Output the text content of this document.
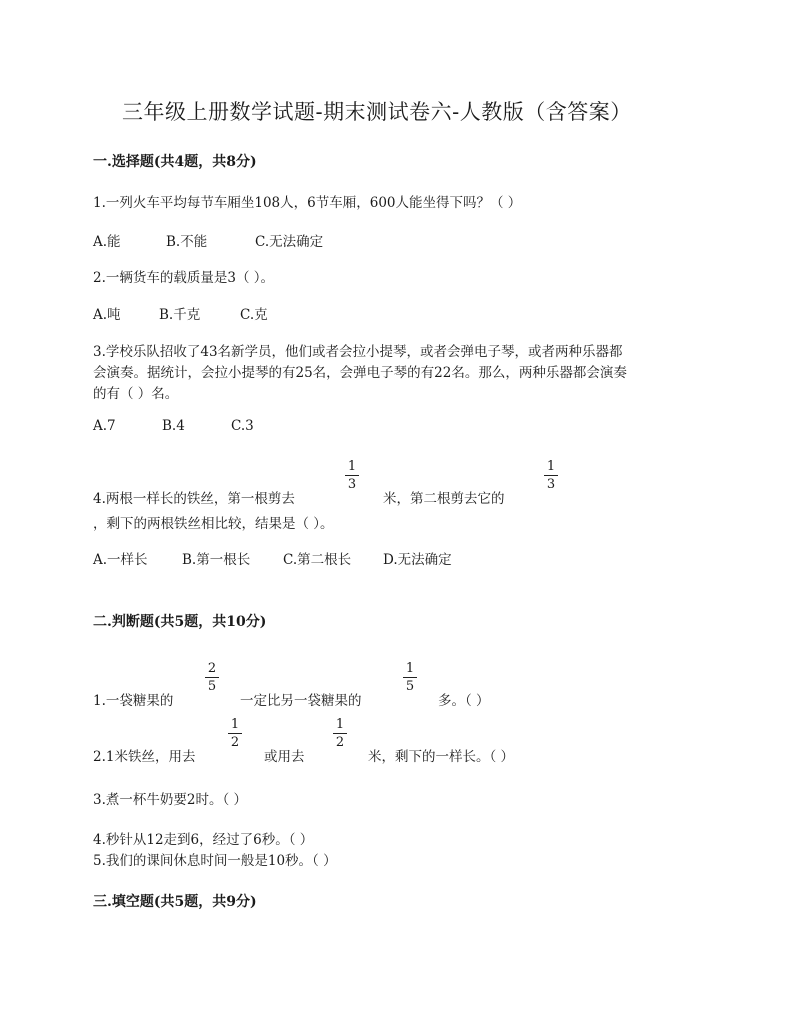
三年级上册数学试题-期末测试卷六-人教版（含答案）
一.选择题(共4题，共8分)
1.一列火车平均每节车厢坐108人，6节车厢，600人能坐得下吗？（ ）
A.能	B.不能	C.无法确定
2.一辆货车的载质量是3（ ）。
A.吨	B.千克	C.克
3.学校乐队招收了43名新学员，他们或者会拉小提琴，或者会弹电子琴，或者两种乐器都
会演奏。据统计，会拉小提琴的有25名，会弹电子琴的有22名。那么，两种乐器都会演奏
的有（ ）名。
A.7	B.4	C.3
4.两根一样长的铁丝，第一根剪去
1
3
米，第二根剪去它的
1
3
，剩下的两根铁丝相比较，结果是（ ）。
A.一样长	B.第一根长 C.第二根长 D.无法确定
二.判断题(共5题，共10分)
1.一袋糖果的
2
5
一定比另一袋糖果的
1
5
多。（ ）
2.1米铁丝，用去
1
2
或用去
1
2
米，剩下的一样长。（ ）
3.煮一杯牛奶要2时。（ ）
4.秒针从12走到6，经过了6秒。（ ）
5.我们的课间休息时间一般是10秒。（ ）
三.填空题(共5题，共9分)
